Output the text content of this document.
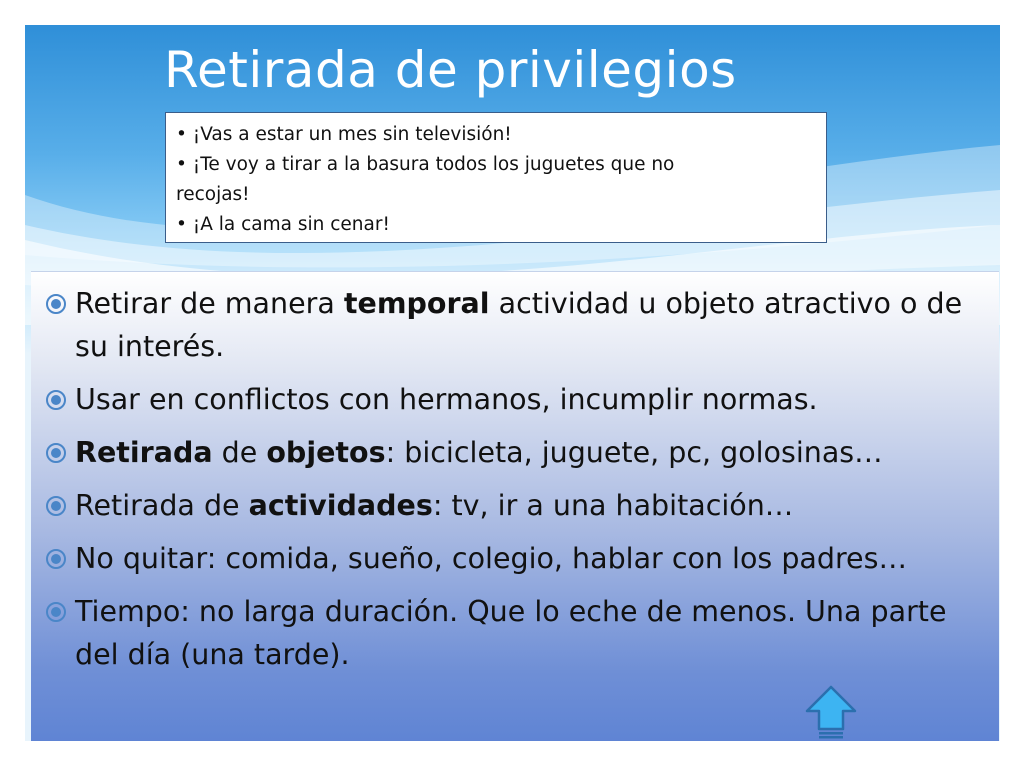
Retirada de privilegios
• ¡Vas a estar un mes sin televisión!
• ¡Te voy a tirar a la basura todos los juguetes que no
recojas!
• ¡A la cama sin cenar!
Retirar de manera temporal actividad u objeto atractivo o de su interés.
Usar en conflictos con hermanos, incumplir normas.
Retirada de objetos: bicicleta, juguete, pc, golosinas…
Retirada de actividades: tv, ir a una habitación…
No quitar: comida, sueño, colegio, hablar con los padres…
Tiempo: no larga duración. Que lo eche de menos. Una parte del día (una tarde).
